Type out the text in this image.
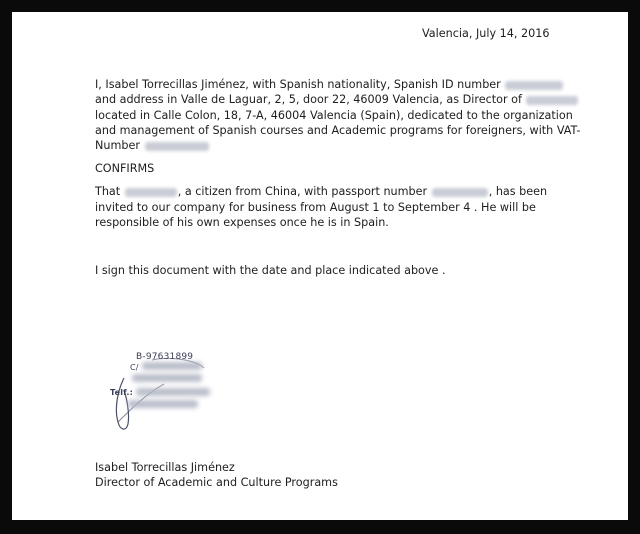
Valencia, July 14, 2016
I, Isabel Torrecillas Jiménez, with Spanish nationality, Spanish ID number
and address in Valle de Laguar, 2, 5, door 22, 46009 Valencia, as Director of
located in Calle Colon, 18, 7-A, 46004 Valencia (Spain), dedicated to the organization
and management of Spanish courses and Academic programs for foreigners, with VAT-
Number
CONFIRMS
That	, a citizen from China, with passport number	, has been
invited to our company for business from August 1 to September 4 . He will be
responsible of his own expenses once he is in Spain.
I sign this document with the date and place indicated above .
B-97631899
C/
Telf.:
Isabel Torrecillas Jiménez
Director of Academic and Culture Programs
